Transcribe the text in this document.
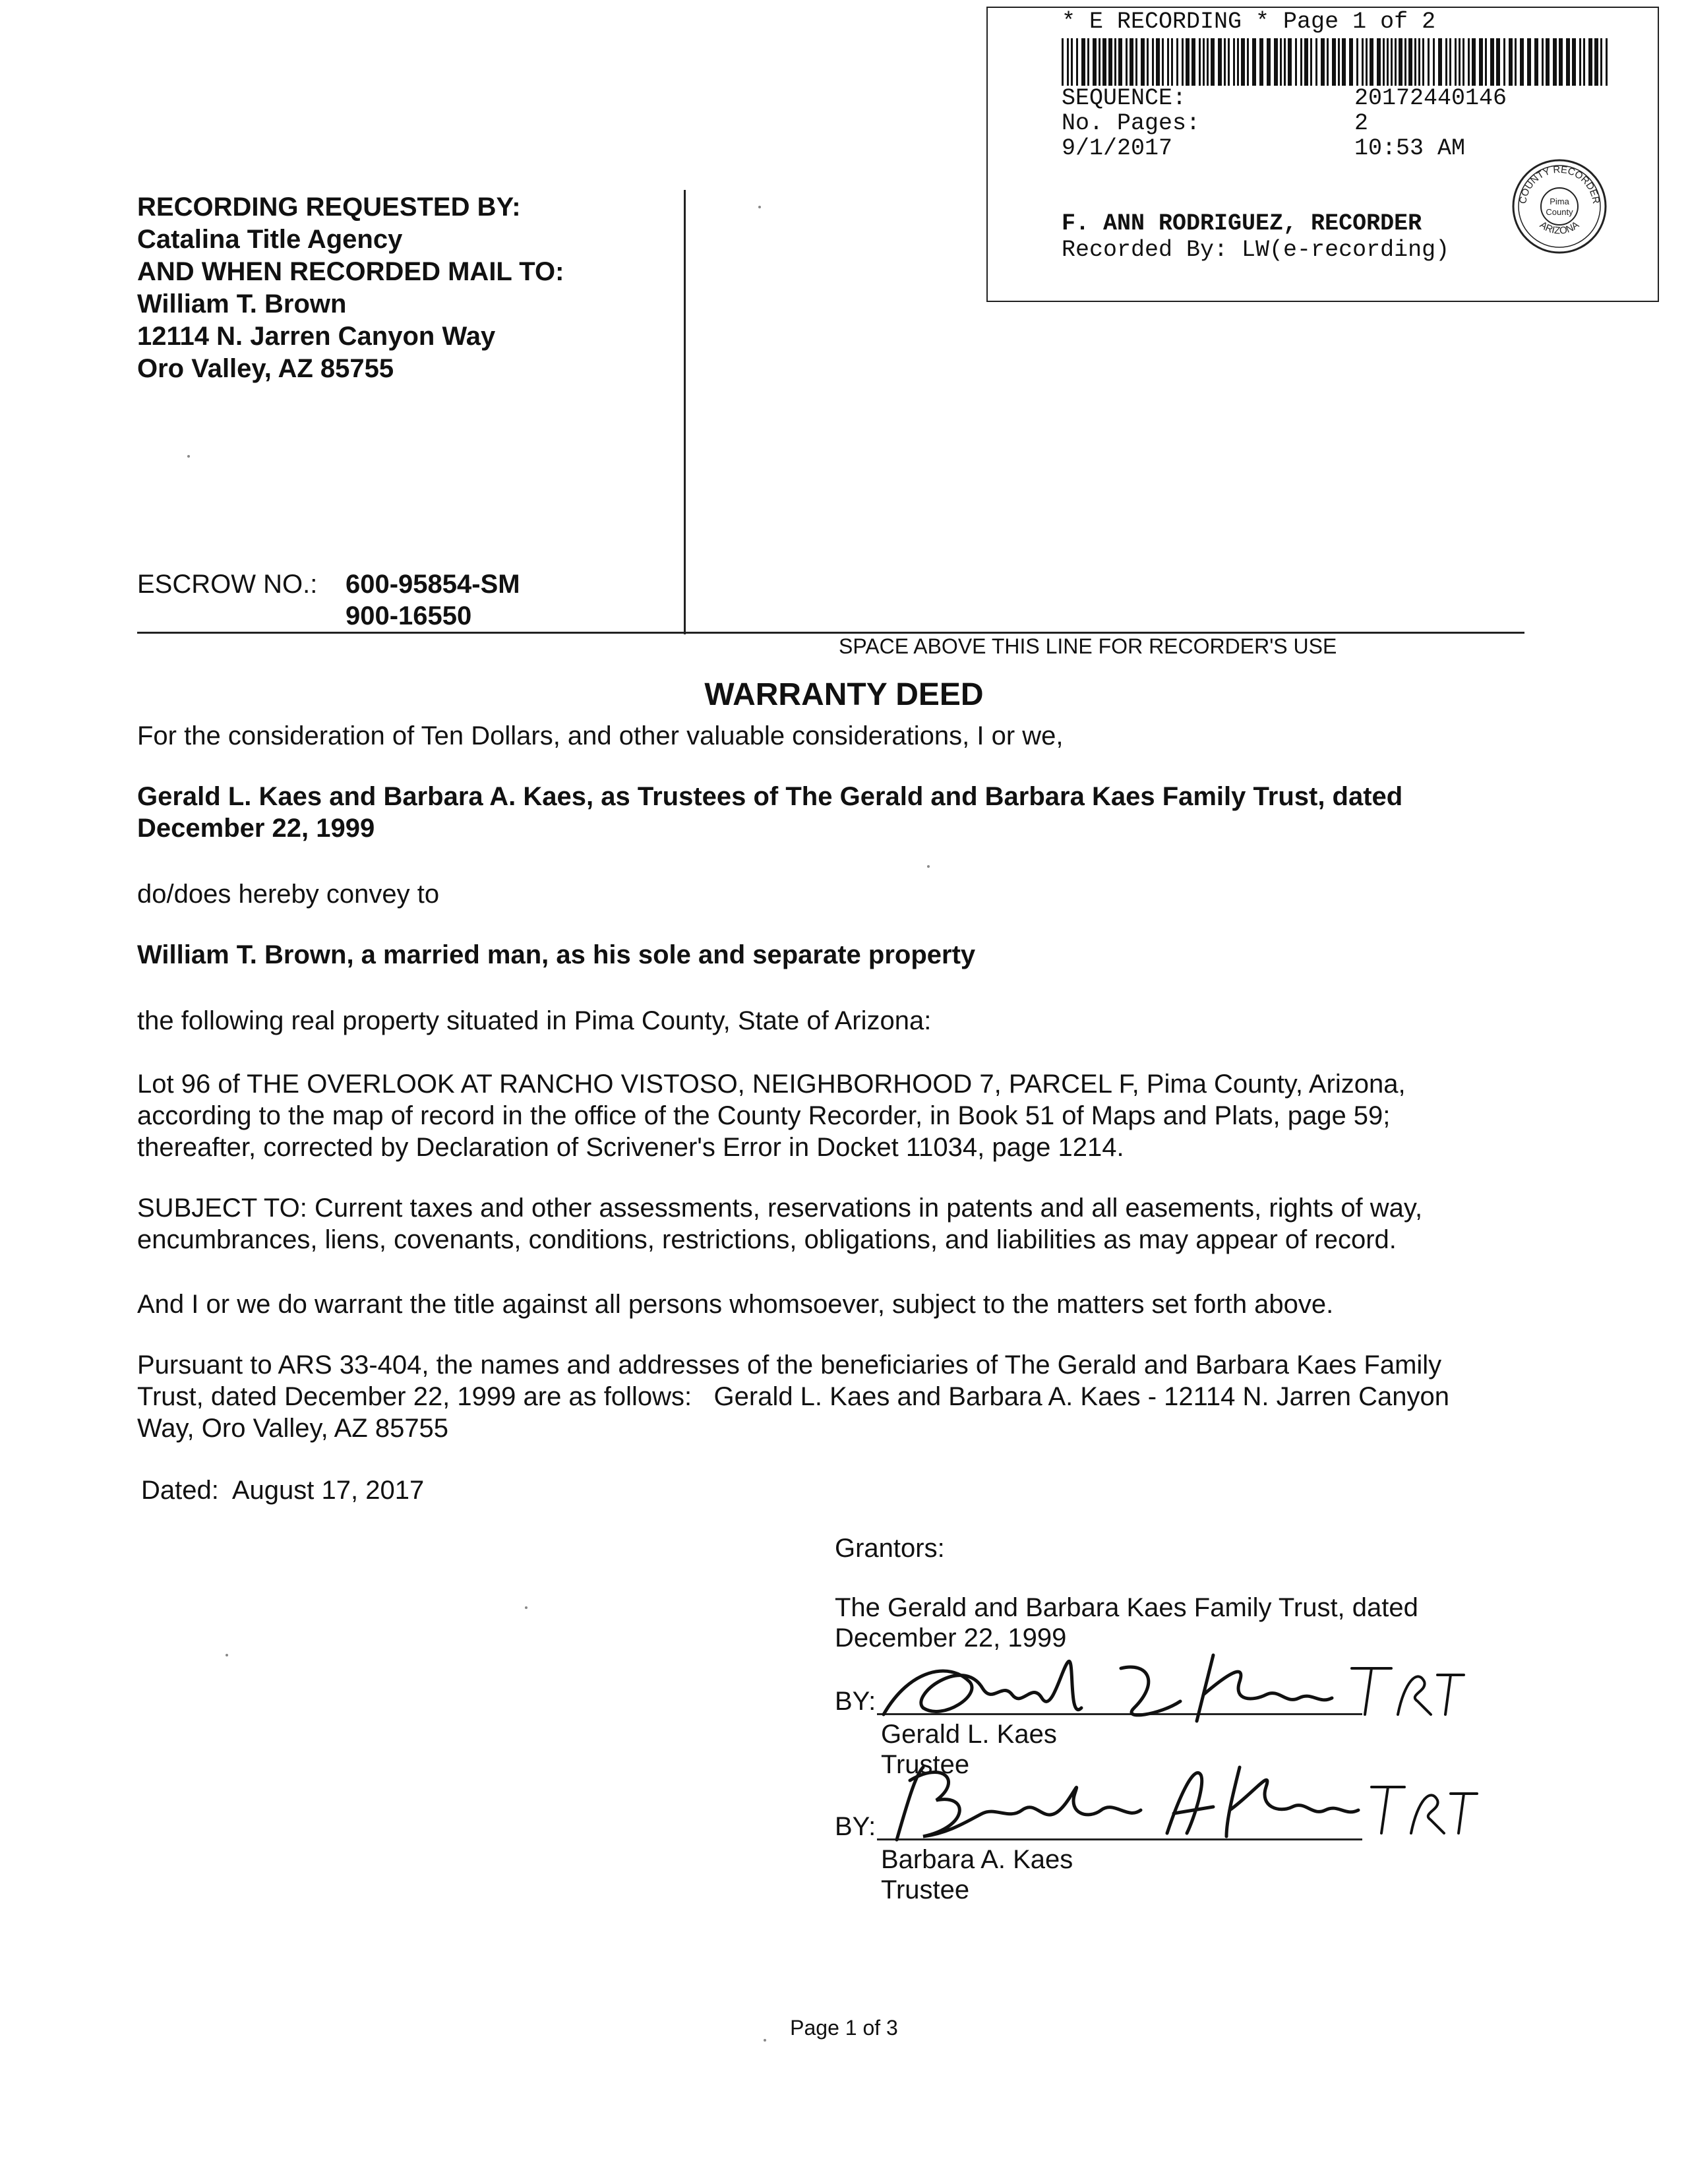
* E RECORDING * Page 1 of 2
SEQUENCE:	20172440146
No. Pages:	2
9/1/2017	10:53 AM
F. ANN RODRIGUEZ, RECORDER
Recorded By: LW(e-recording)
COUNTY RECORDER
ARIZONA
Pima
County
RECORDING REQUESTED BY:
Catalina Title Agency
AND WHEN RECORDED MAIL TO:
William T. Brown
12114 N. Jarren Canyon Way
Oro Valley, AZ 85755
ESCROW NO.: 600-95854-SM
900-16550
SPACE ABOVE THIS LINE FOR RECORDER'S USE
WARRANTY DEED
For the consideration of Ten Dollars, and other valuable considerations, I or we,
Gerald L. Kaes and Barbara A. Kaes, as Trustees of The Gerald and Barbara Kaes Family Trust, dated
December 22, 1999
do/does hereby convey to
William T. Brown, a married man, as his sole and separate property
the following real property situated in Pima County, State of Arizona:
Lot 96 of THE OVERLOOK AT RANCHO VISTOSO, NEIGHBORHOOD 7, PARCEL F, Pima County, Arizona,
according to the map of record in the office of the County Recorder, in Book 51 of Maps and Plats, page 59;
thereafter, corrected by Declaration of Scrivener's Error in Docket 11034, page 1214.
SUBJECT TO: Current taxes and other assessments, reservations in patents and all easements, rights of way,
encumbrances, liens, covenants, conditions, restrictions, obligations, and liabilities as may appear of record.
And I or we do warrant the title against all persons whomsoever, subject to the matters set forth above.
Pursuant to ARS 33-404, the names and addresses of the beneficiaries of The Gerald and Barbara Kaes Family
Trust, dated December 22, 1999 are as follows:   Gerald L. Kaes and Barbara A. Kaes - 12114 N. Jarren Canyon
Way, Oro Valley, AZ 85755
Dated:  August 17, 2017
Grantors:
The Gerald and Barbara Kaes Family Trust, dated
December 22, 1999
BY:
Gerald L. Kaes
Trustee
BY:
Barbara A. Kaes
Trustee
Page 1 of 3
